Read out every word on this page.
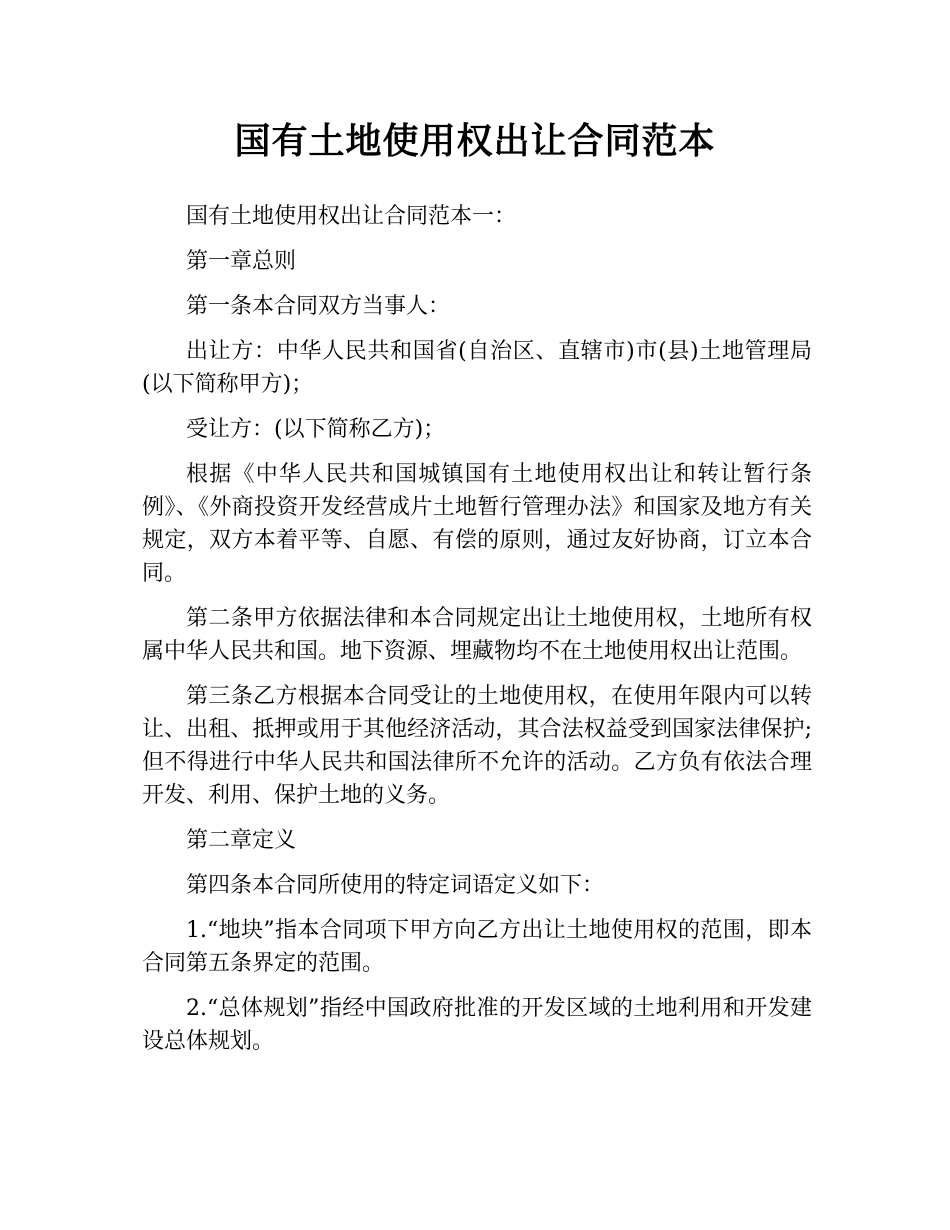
国有土地使用权出让合同范本

国有土地使用权出让合同范本一：

第一章总则

第一条本合同双方当事人：

出让方：中华人民共和国省(自治区、直辖市)市(县)土地管理局(以下简称甲方)；

受让方：(以下简称乙方)；

根据《中华人民共和国城镇国有土地使用权出让和转让暂行条例》、《外商投资开发经营成片土地暂行管理办法》和国家及地方有关规定，双方本着平等、自愿、有偿的原则，通过友好协商，订立本合同。

第二条甲方依据法律和本合同规定出让土地使用权，土地所有权属中华人民共和国。地下资源、埋藏物均不在土地使用权出让范围。

第三条乙方根据本合同受让的土地使用权，在使用年限内可以转让、出租、抵押或用于其他经济活动，其合法权益受到国家法律保护;但不得进行中华人民共和国法律所不允许的活动。乙方负有依法合理开发、利用、保护土地的义务。

第二章定义

第四条本合同所使用的特定词语定义如下：

1.“地块”指本合同项下甲方向乙方出让土地使用权的范围，即本合同第五条界定的范围。

2.“总体规划”指经中国政府批准的开发区域的土地利用和开发建设总体规划。
